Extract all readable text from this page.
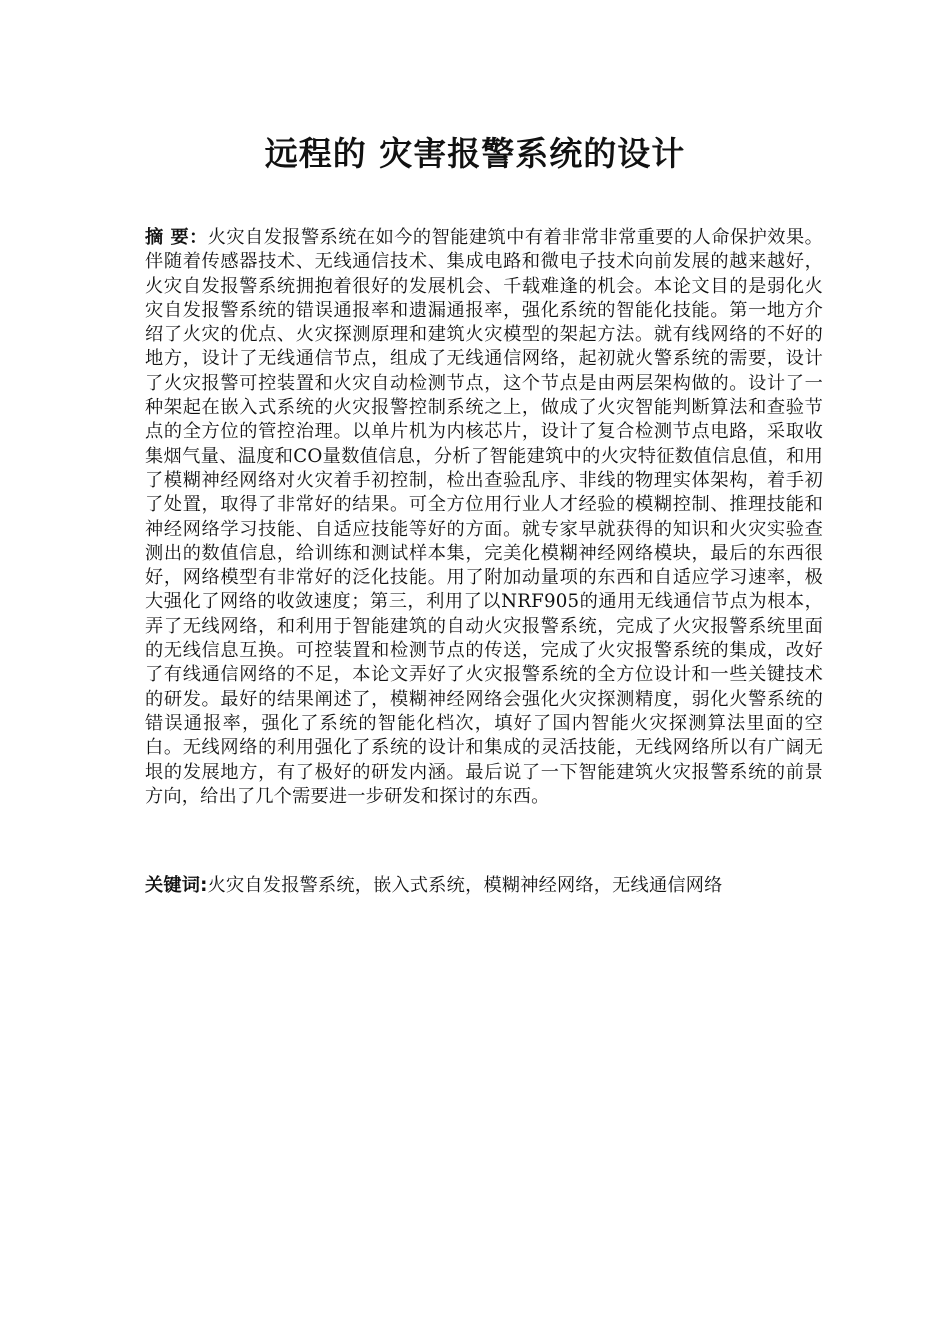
远程的 灾害报警系统的设计
摘 要：火灾自发报警系统在如今的智能建筑中有着非常非常重要的人命保护效果。伴随着传感器技术、无线通信技术、集成电路和微电子技术向前发展的越来越好，火灾自发报警系统拥抱着很好的发展机会、千载难逢的机会。本论文目的是弱化火灾自发报警系统的错误通报率和遗漏通报率，强化系统的智能化技能。第一地方介绍了火灾的优点、火灾探测原理和建筑火灾模型的架起方法。就有线网络的不好的地方，设计了无线通信节点，组成了无线通信网络，起初就火警系统的需要，设计了火灾报警可控装置和火灾自动检测节点，这个节点是由两层架构做的。设计了一种架起在嵌入式系统的火灾报警控制系统之上，做成了火灾智能判断算法和查验节点的全方位的管控治理。以单片机为内核芯片，设计了复合检测节点电路，采取收集烟气量、温度和CO量数值信息，分析了智能建筑中的火灾特征数值信息值，和用了模糊神经网络对火灾着手初控制，检出查验乱序、非线的物理实体架构，着手初了处置，取得了非常好的结果。可全方位用行业人才经验的模糊控制、推理技能和神经网络学习技能、自适应技能等好的方面。就专家早就获得的知识和火灾实验查测出的数值信息，给训练和测试样本集，完美化模糊神经网络模块，最后的东西很好，网络模型有非常好的泛化技能。用了附加动量项的东西和自适应学习速率，极大强化了网络的收敛速度；第三，利用了以NRF905的通用无线通信节点为根本，弄了无线网络，和利用于智能建筑的自动火灾报警系统，完成了火灾报警系统里面的无线信息互换。可控装置和检测节点的传送，完成了火灾报警系统的集成，改好了有线通信网络的不足，本论文弄好了火灾报警系统的全方位设计和一些关键技术的研发。最好的结果阐述了，模糊神经网络会强化火灾探测精度，弱化火警系统的错误通报率，强化了系统的智能化档次，填好了国内智能火灾探测算法里面的空白。无线网络的利用强化了系统的设计和集成的灵活技能，无线网络所以有广阔无垠的发展地方，有了极好的研发内涵。最后说了一下智能建筑火灾报警系统的前景方向，给出了几个需要进一步研发和探讨的东西。
关键词:火灾自发报警系统，嵌入式系统，模糊神经网络，无线通信网络
